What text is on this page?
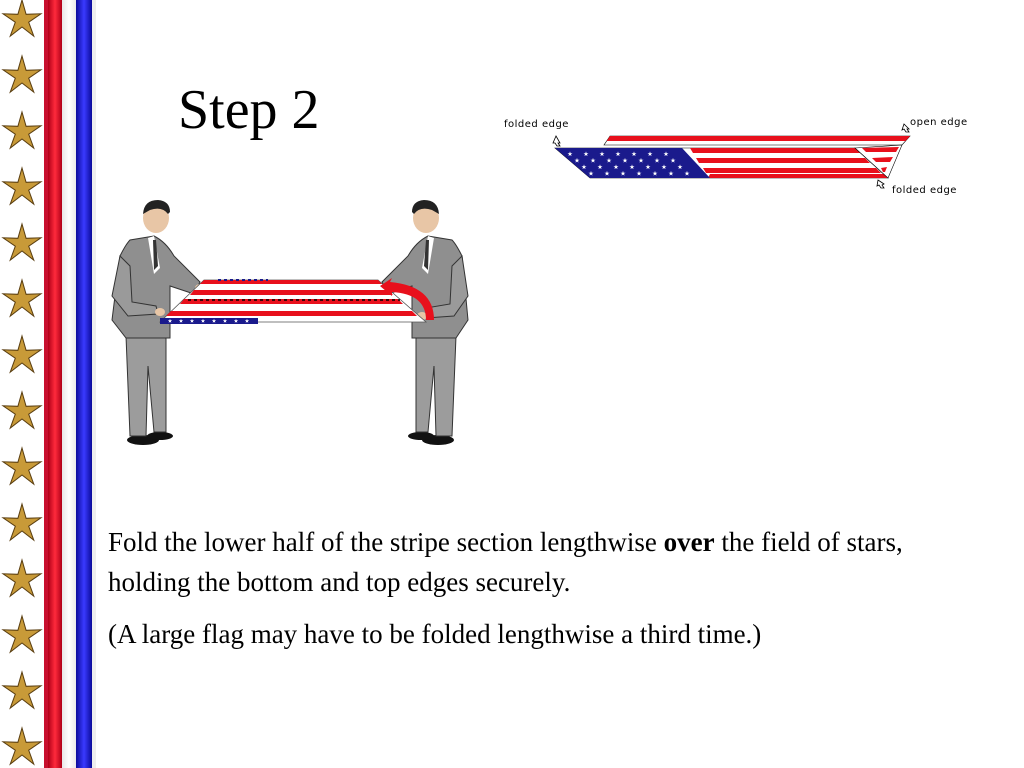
Step 2	folded edge	open edge
folded edge

Fold the lower half of the stripe section lengthwise over the field of stars, holding the bottom and top edges securely.

(A large flag may have to be folded lengthwise a third time.)
